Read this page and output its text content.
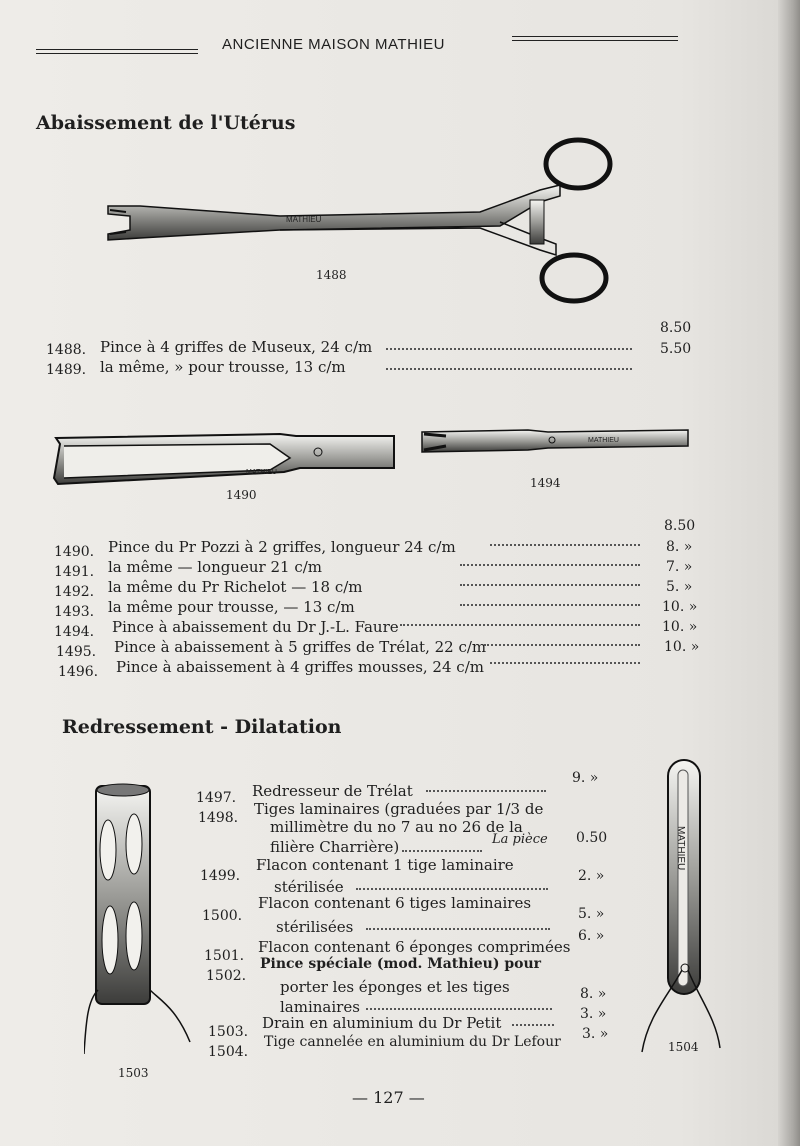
ANCIENNE MAISON MATHIEU
Abaissement de l'Utérus
MATHIEU
1488
1488. Pince à 4 griffes de Museux, 24 c/m
8.50
1489. la même, » pour trousse, 13 c/m
5.50
MATHIEU
1490
MATHIEU
1494
1490. Pince du Pr Pozzi à 2 griffes, longueur 24 c/m
8.50
1491. la même — longueur 21 c/m
8. »
1492. la même du Pr Richelot — 18 c/m
7. »
1493. la même pour trousse, — 13 c/m
5. »
1494. Pince à abaissement du Dr J.-L. Faure
10. »
1495. Pince à abaissement à 5 griffes de Trélat, 22 c/m
10. »
1496. Pince à abaissement à 4 griffes mousses, 24 c/m
10. »
Redressement - Dilatation
1503
MATHIEU
1504
1497. Redresseur de Trélat
9. »
1498. Tiges laminaires (graduées par 1/3 de
millimètre du no 7 au no 26 de la
filière Charrière)	La pièce 0.50
1499.
Flacon contenant 1 tige laminaire
stérilisée
2. »
1500.
Flacon contenant 6 tiges laminaires
stérilisées
5. »
1501. Flacon contenant 6 éponges comprimées
6. »
1502.
Pince spéciale (mod. Mathieu) pour
porter les éponges et les tiges
laminaires
8. »
1503. Drain en aluminium du Dr Petit	3. »
1504.
Tige cannelée en aluminium du Dr Lefour 3. »
— 127 —
